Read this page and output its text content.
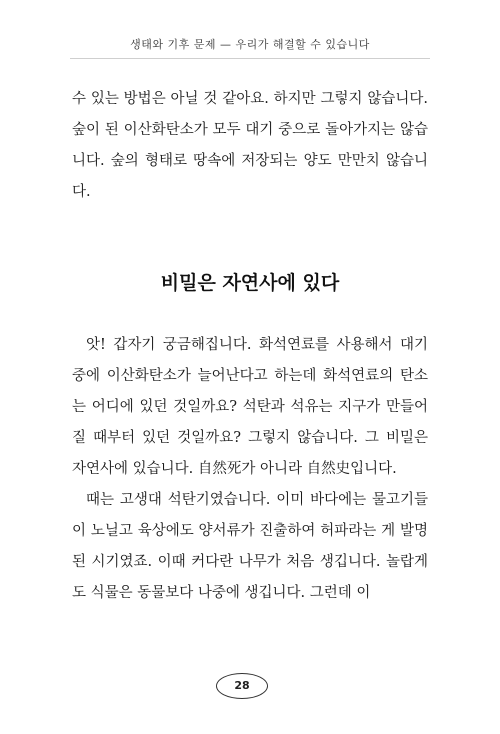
생태와 기후 문제 — 우리가 해결할 수 있습니다

수 있는 방법은 아닐 것 같아요. 하지만 그렇지 않습니다. 숲이 된 이산화탄소가 모두 대기 중으로 돌아가지는 않습니다. 숲의 형태로 땅속에 저장되는 양도 만만치 않습니다.

비밀은 자연사에 있다

앗! 갑자기 궁금해집니다. 화석연료를 사용해서 대기 중에 이산화탄소가 늘어난다고 하는데 화석연료의 탄소는 어디에 있던 것일까요? 석탄과 석유는 지구가 만들어질 때부터 있던 것일까요? 그렇지 않습니다. 그 비밀은 자연사에 있습니다. 自然死가 아니라 自然史입니다.

때는 고생대 석탄기였습니다. 이미 바다에는 물고기들이 노닐고 육상에도 양서류가 진출하여 허파라는 게 발명된 시기였죠. 이때 커다란 나무가 처음 생깁니다. 놀랍게도 식물은 동물보다 나중에 생깁니다. 그런데 이

28
